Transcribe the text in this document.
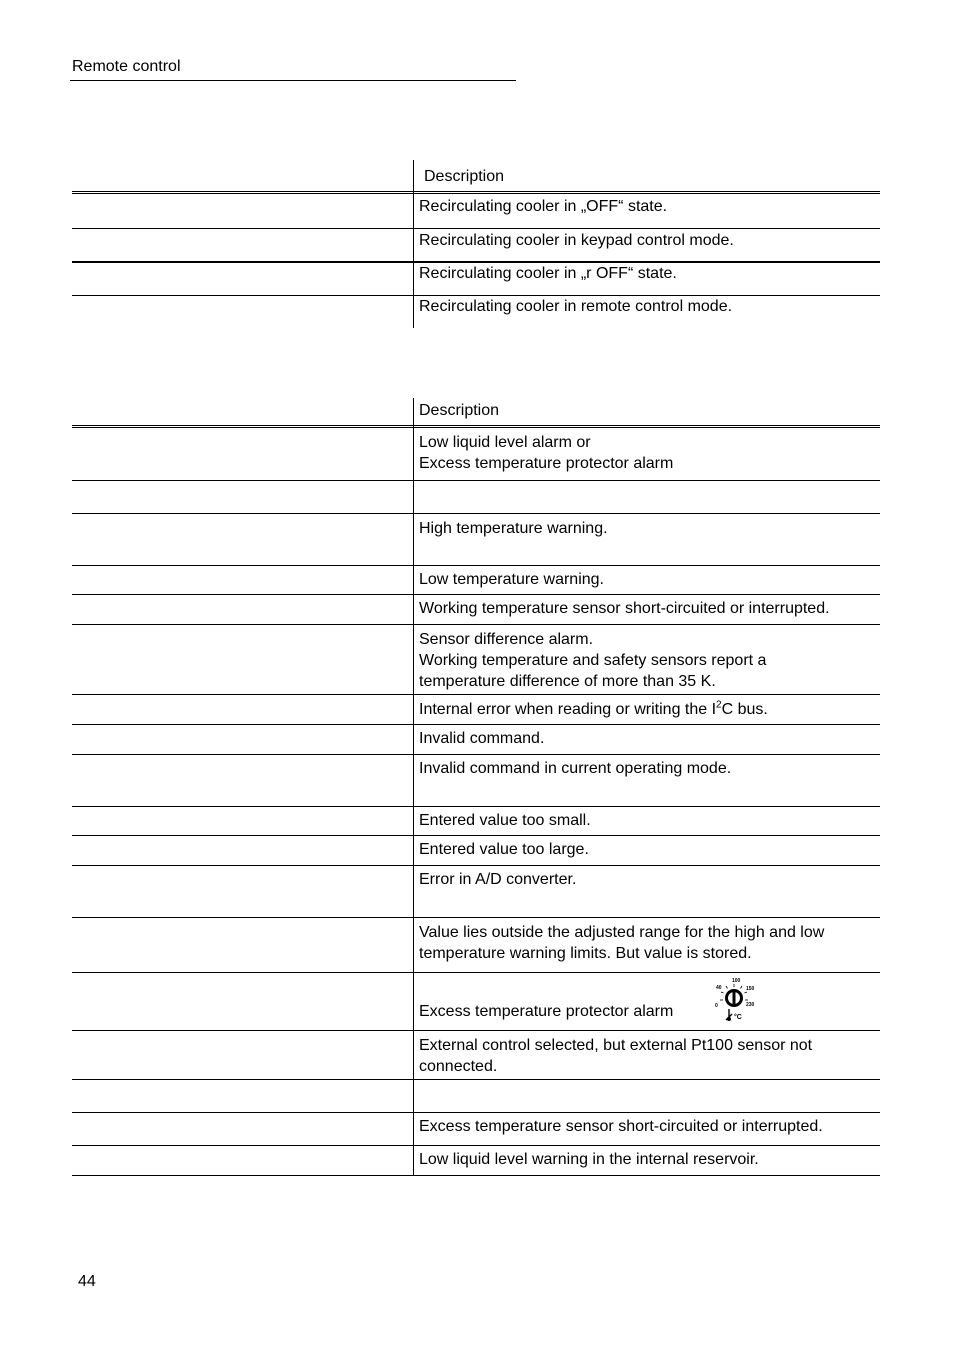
Remote control
Description
Recirculating cooler in „OFF“ state.
Recirculating cooler in keypad control mode.
Recirculating cooler in „r OFF“ state.
Recirculating cooler in remote control mode.
Description
Low liquid level alarm or
Excess temperature protector alarm
High temperature warning.
Low temperature warning.
Working temperature sensor short-circuited or interrupted.
Sensor difference alarm.
Working temperature and safety sensors report a
temperature difference of more than 35 K.
Internal error when reading or writing the $I^2C$ bus.
Invalid command.
Invalid command in current operating mode.
Entered value too small.
Entered value too large.
Error in A/D converter.
Value lies outside the adjusted range for the high and low
temperature warning limits. But value is stored.
Excess temperature protector alarm
100
40	150
0	230
°C
External control selected, but external Pt100 sensor not
connected.
Excess temperature sensor short-circuited or interrupted.
Low liquid level warning in the internal reservoir.
44
